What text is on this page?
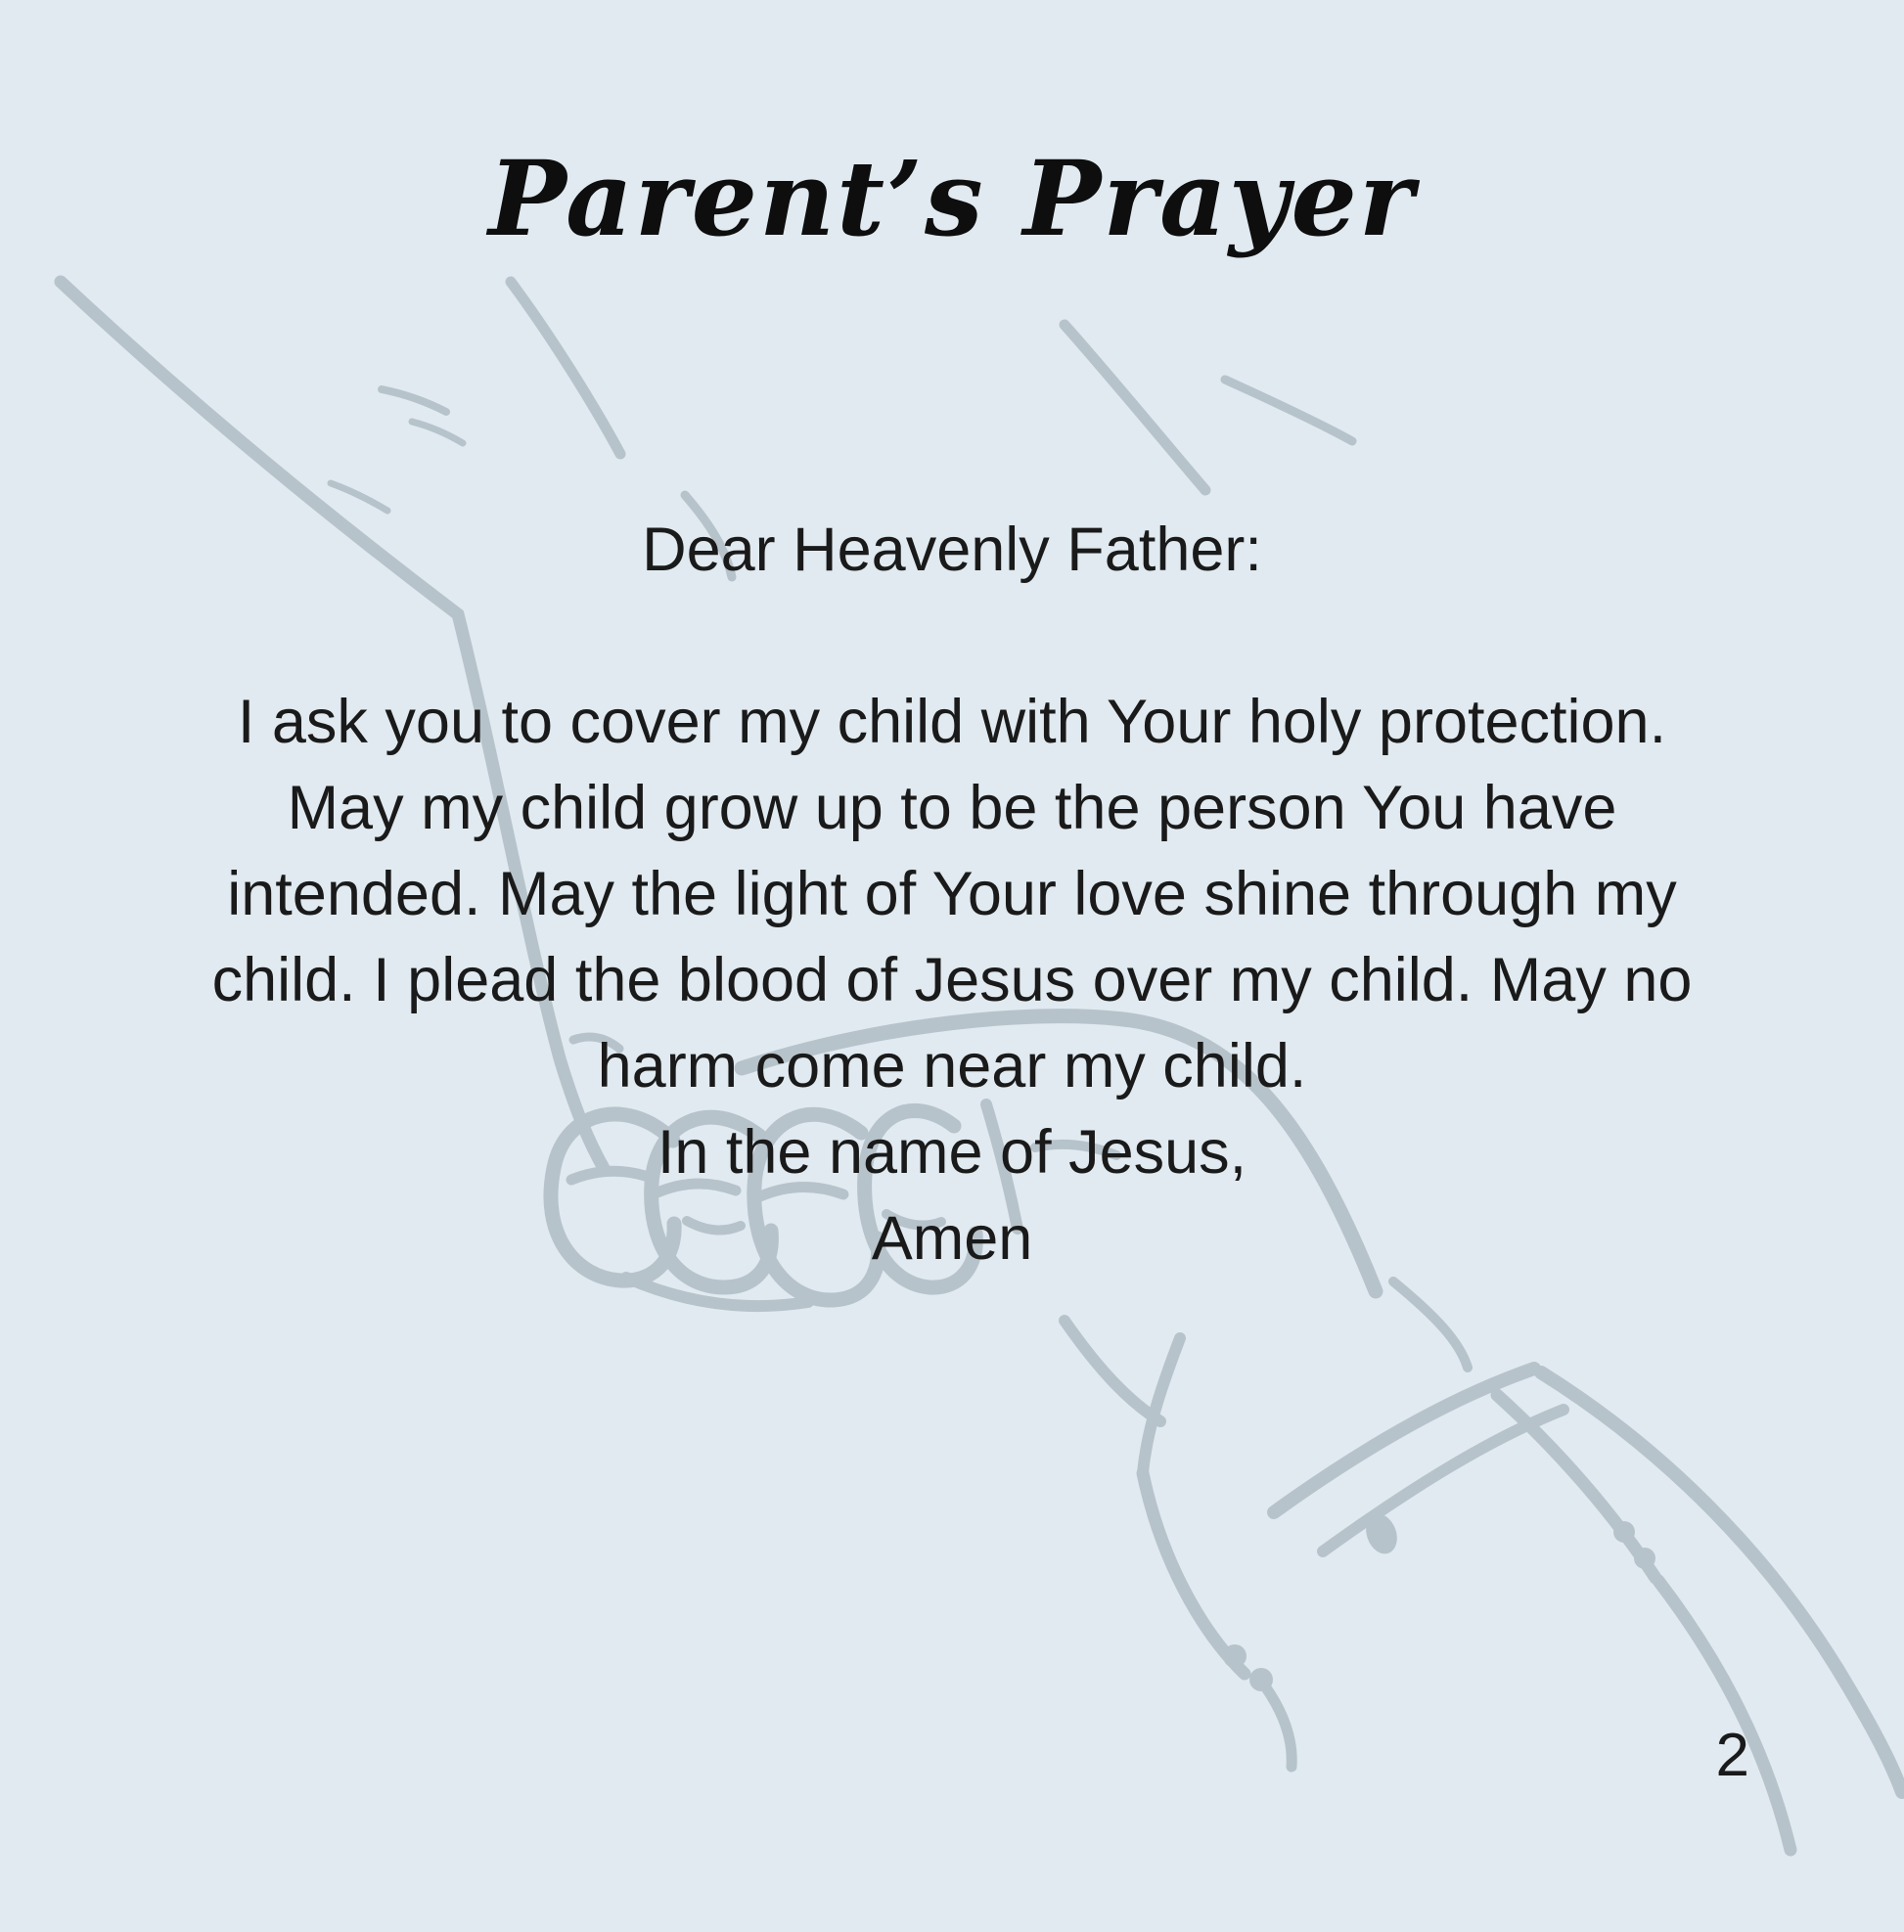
Parent’s Prayer
Dear Heavenly Father:
I ask you to cover my child with Your holy protection.
May my child grow up to be the person You have
intended. May the light of Your love shine through my
child. I plead the blood of Jesus over my child. May no
harm come near my child.
In the name of Jesus,
Amen
2
